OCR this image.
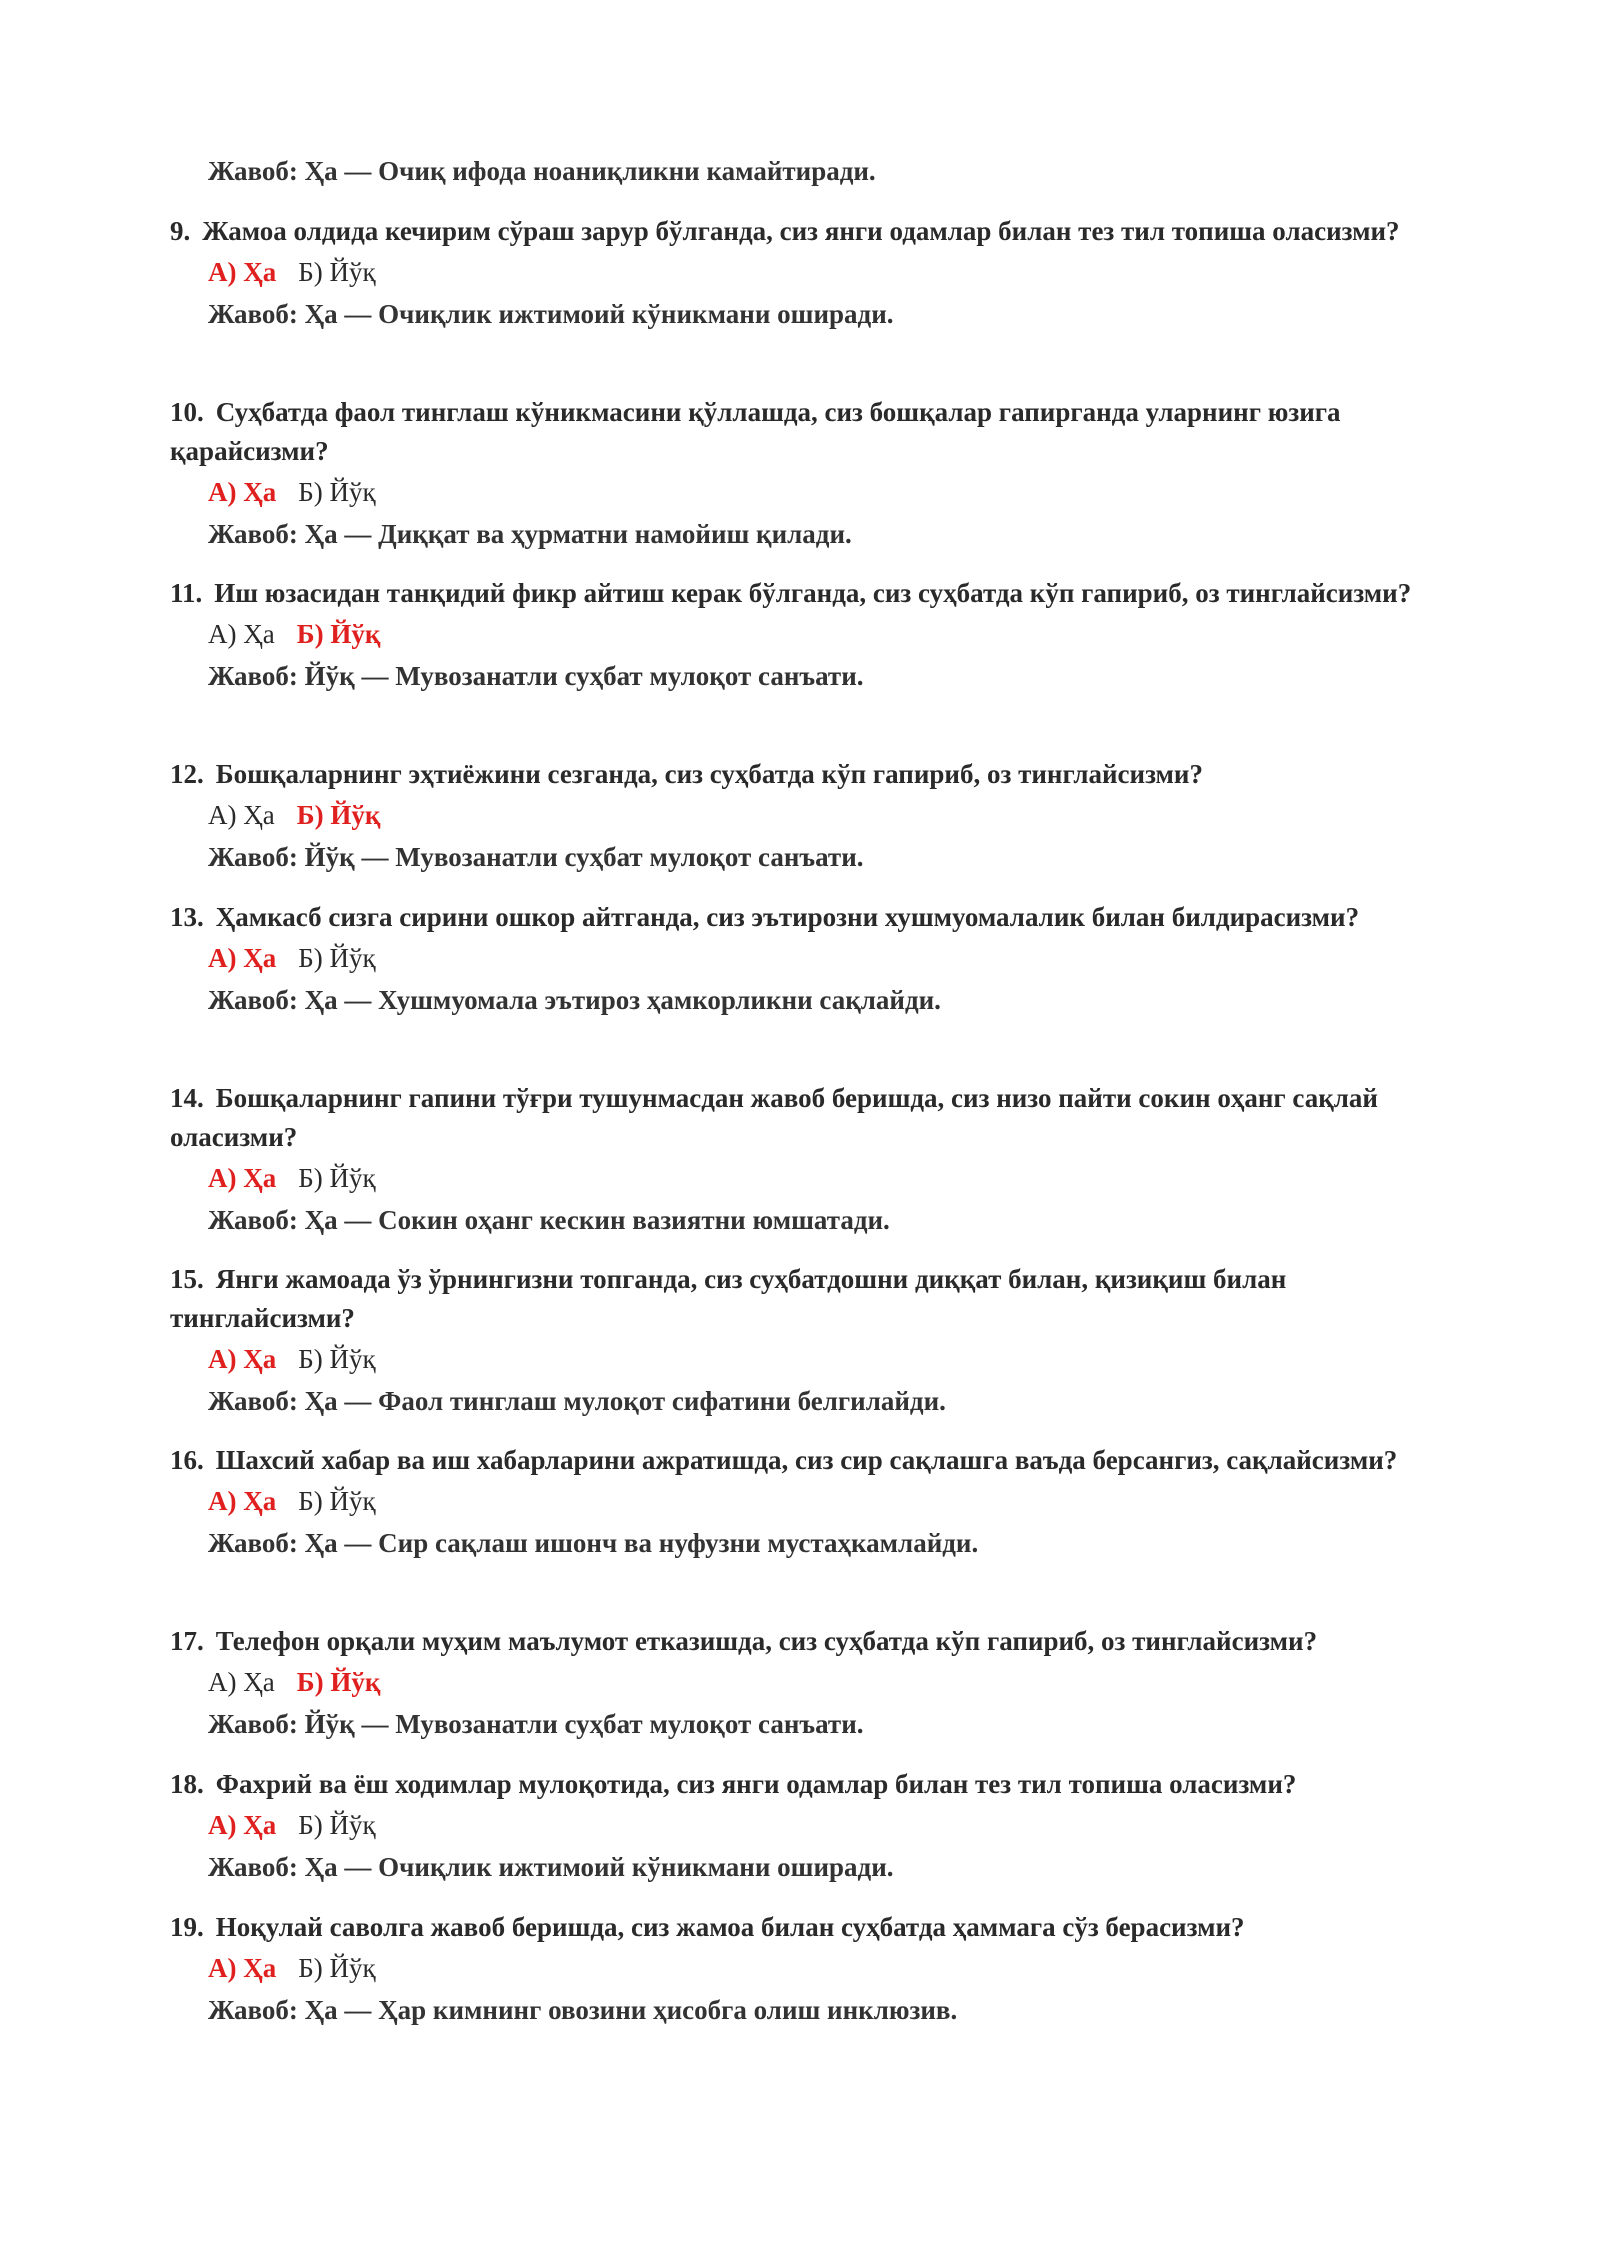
Жавоб: Ҳа — Очиқ ифода ноаниқликни камайтиради.

9. Жамоа олдида кечирим сўраш зарур бўлганда, сиз янги одамлар билан тез тил топиша оласизми?

А) Ҳа Б) Йўқ

Жавоб: Ҳа — Очиқлик ижтимоий кўникмани оширади.

10. Суҳбатда фаол тинглаш кўникмасини қўллашда, сиз бошқалар гапирганда уларнинг юзига қарайсизми?

А) Ҳа Б) Йўқ

Жавоб: Ҳа — Диққат ва ҳурматни намойиш қилади.

11. Иш юзасидан танқидий фикр айтиш керак бўлганда, сиз суҳбатда кўп гапириб, оз тинглайсизми?

А) Ҳа Б) Йўқ

Жавоб: Йўқ — Мувозанатли суҳбат мулоқот санъати.

12. Бошқаларнинг эҳтиёжини сезганда, сиз суҳбатда кўп гапириб, оз тинглайсизми?

А) Ҳа Б) Йўқ

Жавоб: Йўқ — Мувозанатли суҳбат мулоқот санъати.

13. Ҳамкасб сизга сирини ошкор айтганда, сиз эътирозни хушмуомалалик билан билдирасизми?

А) Ҳа Б) Йўқ

Жавоб: Ҳа — Хушмуомала эътироз ҳамкорликни сақлайди.

14. Бошқаларнинг гапини тўғри тушунмасдан жавоб беришда, сиз низо пайти сокин оҳанг сақлай оласизми?

А) Ҳа Б) Йўқ

Жавоб: Ҳа — Сокин оҳанг кескин вазиятни юмшатади.

15. Янги жамоада ўз ўрнингизни топганда, сиз суҳбатдошни диққат билан, қизиқиш билан тинглайсизми?

А) Ҳа Б) Йўқ

Жавоб: Ҳа — Фаол тинглаш мулоқот сифатини белгилайди.

16. Шахсий хабар ва иш хабарларини ажратишда, сиз сир сақлашга ваъда берсангиз, сақлайсизми?

А) Ҳа Б) Йўқ

Жавоб: Ҳа — Сир сақлаш ишонч ва нуфузни мустаҳкамлайди.

17. Телефон орқали муҳим маълумот етказишда, сиз суҳбатда кўп гапириб, оз тинглайсизми?

А) Ҳа Б) Йўқ

Жавоб: Йўқ — Мувозанатли суҳбат мулоқот санъати.

18. Фахрий ва ёш ходимлар мулоқотида, сиз янги одамлар билан тез тил топиша оласизми?

А) Ҳа Б) Йўқ

Жавоб: Ҳа — Очиқлик ижтимоий кўникмани оширади.

19. Ноқулай саволга жавоб беришда, сиз жамоа билан суҳбатда ҳаммага сўз берасизми?

А) Ҳа Б) Йўқ

Жавоб: Ҳа — Ҳар кимнинг овозини ҳисобга олиш инклюзив.
